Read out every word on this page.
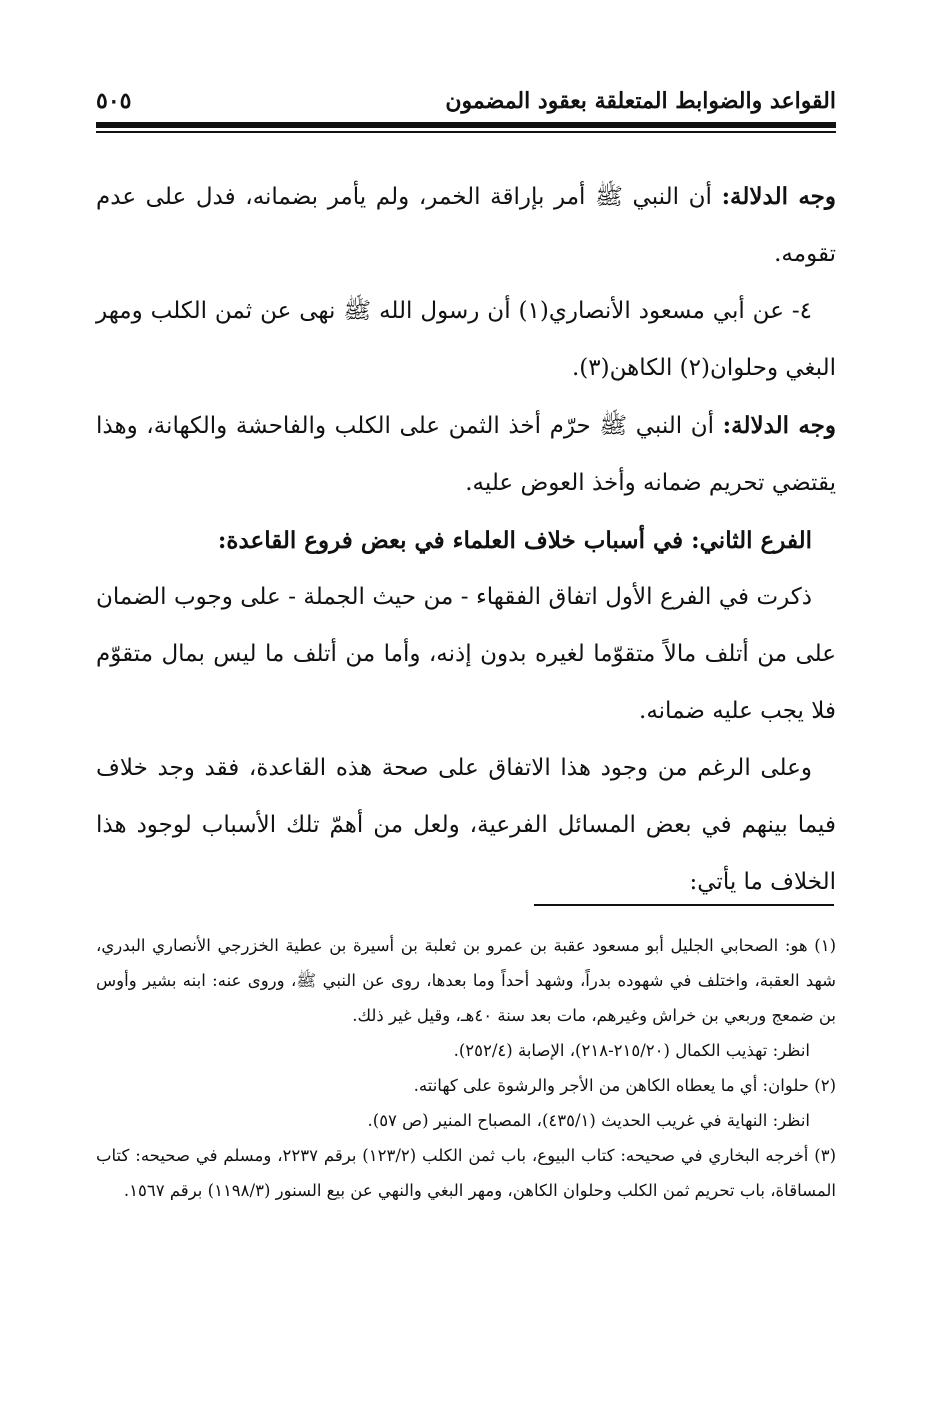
القواعد والضوابط المتعلقة بعقود المضمون
٥٠٥

وجه الدلالة: أن النبي ﷺ أمر بإراقة الخمر، ولم يأمر بضمانه، فدل على عدم تقومه.

٤- عن أبي مسعود الأنصاري(١) أن رسول الله ﷺ نهى عن ثمن الكلب ومهر البغي وحلوان(٢) الكاهن(٣).

وجه الدلالة: أن النبي ﷺ حرّم أخذ الثمن على الكلب والفاحشة والكهانة، وهذا يقتضي تحريم ضمانه وأخذ العوض عليه.

الفرع الثاني: في أسباب خلاف العلماء في بعض فروع القاعدة:

ذكرت في الفرع الأول اتفاق الفقهاء - من حيث الجملة - على وجوب الضمان على من أتلف مالاً متقوّما لغيره بدون إذنه، وأما من أتلف ما ليس بمال متقوّم فلا يجب عليه ضمانه.

وعلى الرغم من وجود هذا الاتفاق على صحة هذه القاعدة، فقد وجد خلاف فيما بينهم في بعض المسائل الفرعية، ولعل من أهمّ تلك الأسباب لوجود هذا الخلاف ما يأتي:

(١) هو: الصحابي الجليل أبو مسعود عقبة بن عمرو بن ثعلبة بن أسيرة بن عطية الخزرجي الأنصاري البدري، شهد العقبة، واختلف في شهوده بدراً، وشهد أحداً وما بعدها، روى عن النبي ﷺ، وروى عنه: ابنه بشير وأوس بن ضمعج وربعي بن خراش وغيرهم، مات بعد سنة ٤٠هـ، وقيل غير ذلك.

انظر: تهذيب الكمال (٢١٥/٢٠-٢١٨)، الإصابة (٢٥٢/٤).

(٢) حلوان: أي ما يعطاه الكاهن من الأجر والرشوة على كهانته.

انظر: النهاية في غريب الحديث (٤٣٥/١)، المصباح المنير (ص ٥٧).

(٣) أخرجه البخاري في صحيحه: كتاب البيوع، باب ثمن الكلب (١٢٣/٢) برقم ٢٢٣٧، ومسلم في صحيحه: كتاب المساقاة، باب تحريم ثمن الكلب وحلوان الكاهن، ومهر البغي والنهي عن بيع السنور (١١٩٨/٣) برقم ١٥٦٧.
